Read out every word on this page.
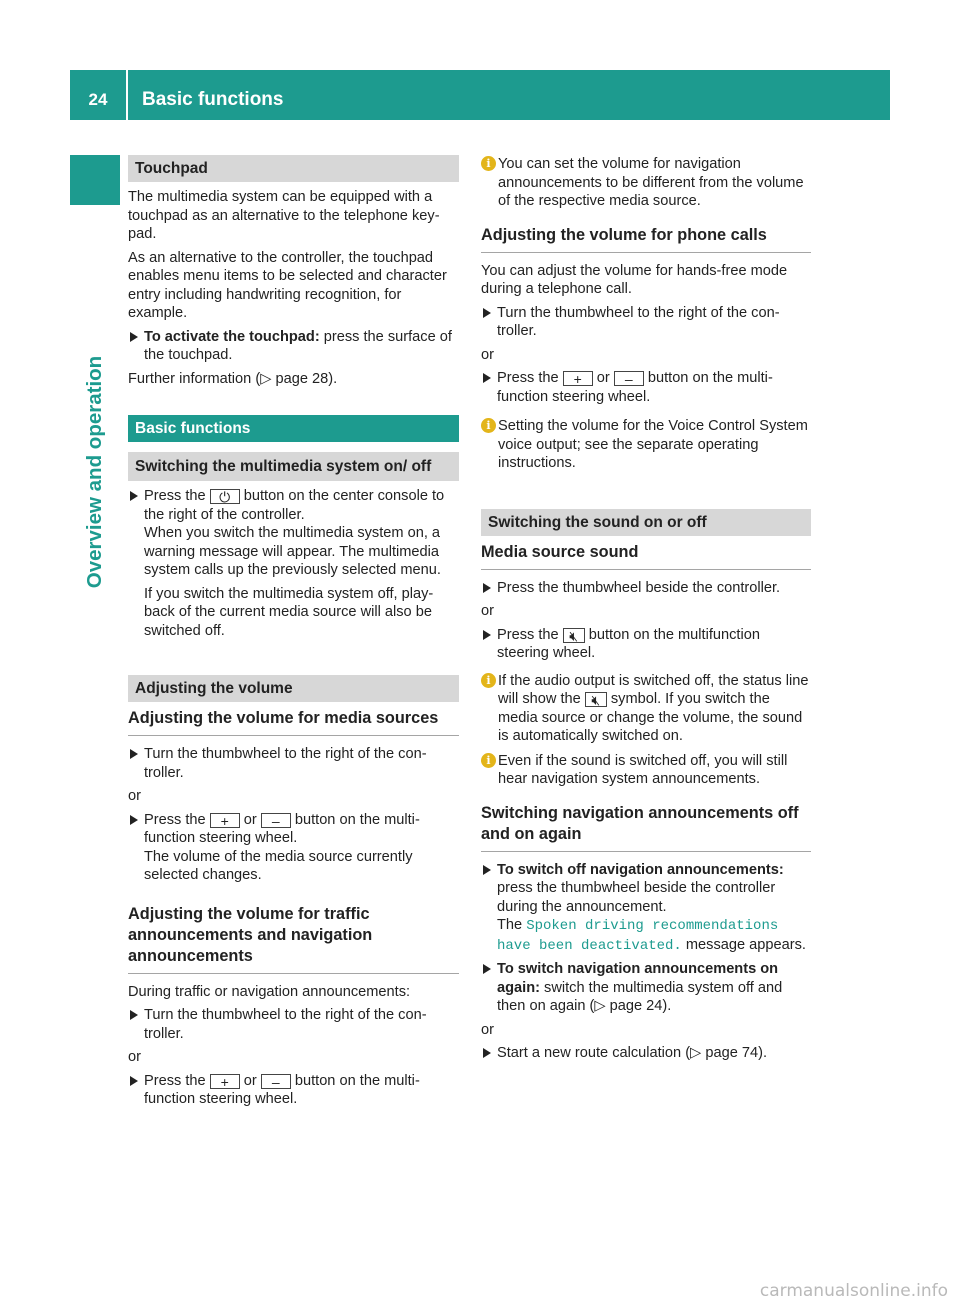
24	Basic functions
Overview and operation
Touchpad

The multimedia system can be equipped with a touchpad as an alternative to the telephone keypad.

As an alternative to the controller, the touchpad enables menu items to be selected and character entry including handwriting recognition, for example.

To activate the touchpad: press the surface of the touchpad.

Further information (▷ page 28).

Basic functions
Switching the multimedia system on/ off
Press the ⏻ button on the center console to the right of the controller.
When you switch the multimedia system on, a warning message will appear. The multimedia system calls up the previously selected menu.
If you switch the multimedia system off, playback of the current media source will also be switched off.
Adjusting the volume
Adjusting the volume for media sources
Turn the thumbwheel to the right of the controller.

or

Press the + or – button on the multifunction steering wheel.
The volume of the media source currently selected changes.
Adjusting the volume for traffic announcements and navigation announcements

During traffic or navigation announcements:

Turn the thumbwheel to the right of the controller.

or

Press the + or – button on the multifunction steering wheel.
i You can set the volume for navigation announcements to be different from the volume of the respective media source.
Adjusting the volume for phone calls

You can adjust the volume for hands-free mode during a telephone call.

Turn the thumbwheel to the right of the controller.

or

Press the + or – button on the multifunction steering wheel.
i Setting the volume for the Voice Control System voice output; see the separate operating instructions.
Switching the sound on or off
Media source sound
Press the thumbwheel beside the controller.

or

Press the 🔇︎ button on the multifunction steering wheel.
i If the audio output is switched off, the status line will show the 🔇︎ symbol. If you switch the media source or change the volume, the sound is automatically switched on.
i Even if the sound is switched off, you will still hear navigation system announcements.
Switching navigation announcements off and on again
To switch off navigation announcements: press the thumbwheel beside the controller during the announcement.
The Spoken driving recommendations have been deactivated. message appears.
To switch navigation announcements on again: switch the multimedia system off and then on again (▷ page 24).

or

Start a new route calculation (▷ page 74).
carmanualsonline.info
